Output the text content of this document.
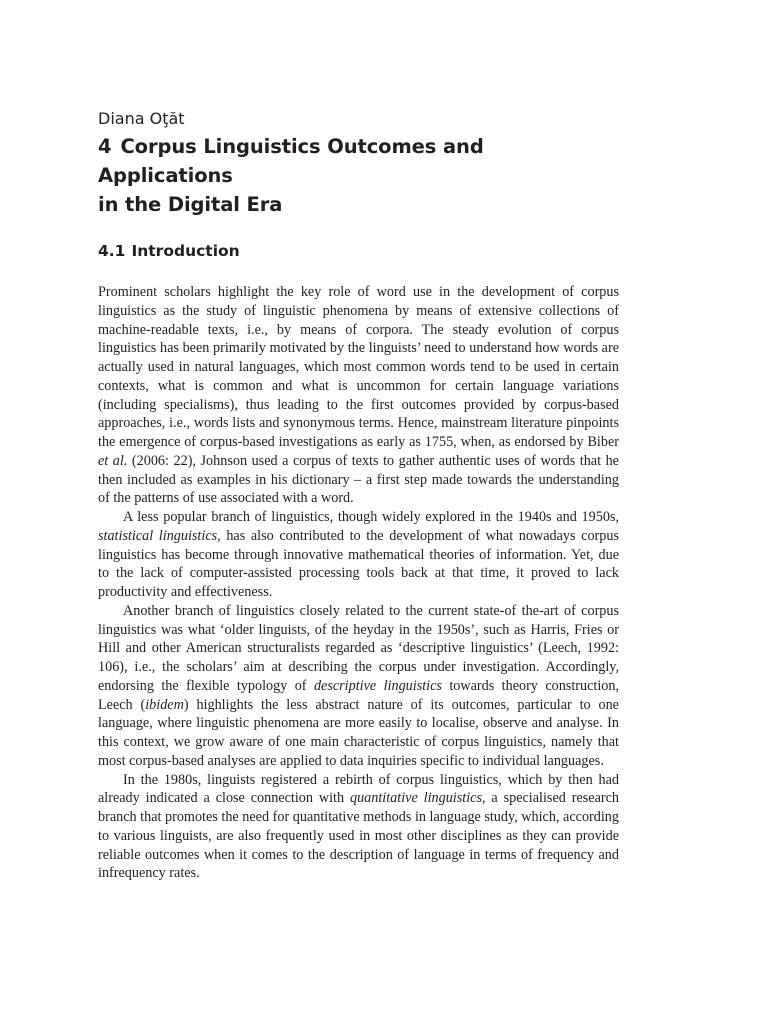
Diana Oţăt

4 Corpus Linguistics Outcomes and Applications
in the Digital Era
4.1 Introduction

Prominent scholars highlight the key role of word use in the development of corpus linguistics as the study of linguistic phenomena by means of extensive collections of machine-readable texts, i.e., by means of corpora. The steady evolution of corpus linguistics has been primarily motivated by the linguists’ need to understand how words are actually used in natural languages, which most common words tend to be used in certain contexts, what is common and what is uncommon for certain language variations (including specialisms), thus leading to the first outcomes provided by corpus-based approaches, i.e., words lists and synonymous terms. Hence, mainstream literature pinpoints the emergence of corpus-based investigations as early as 1755, when, as endorsed by Biber et al. (2006: 22), Johnson used a corpus of texts to gather authentic uses of words that he then included as examples in his dictionary – a first step made towards the understanding of the patterns of use associated with a word.

A less popular branch of linguistics, though widely explored in the 1940s and 1950s, statistical linguistics, has also contributed to the development of what nowadays corpus linguistics has become through innovative mathematical theories of information. Yet, due to the lack of computer-assisted processing tools back at that time, it proved to lack productivity and effectiveness.

Another branch of linguistics closely related to the current state-of the-art of corpus linguistics was what ‘older linguists, of the heyday in the 1950s’, such as Harris, Fries or Hill and other American structuralists regarded as ‘descriptive linguistics’ (Leech, 1992: 106), i.e., the scholars’ aim at describing the corpus under investigation. Accordingly, endorsing the flexible typology of descriptive linguistics towards theory construction, Leech (ibidem) highlights the less abstract nature of its outcomes, particular to one language, where linguistic phenomena are more easily to localise, observe and analyse. In this context, we grow aware of one main characteristic of corpus linguistics, namely that most corpus-based analyses are applied to data inquiries specific to individual languages.

In the 1980s, linguists registered a rebirth of corpus linguistics, which by then had already indicated a close connection with quantitative linguistics, a specialised research branch that promotes the need for quantitative methods in language study, which, according to various linguists, are also frequently used in most other disciplines as they can provide reliable outcomes when it comes to the description of language in terms of frequency and infrequency rates.
